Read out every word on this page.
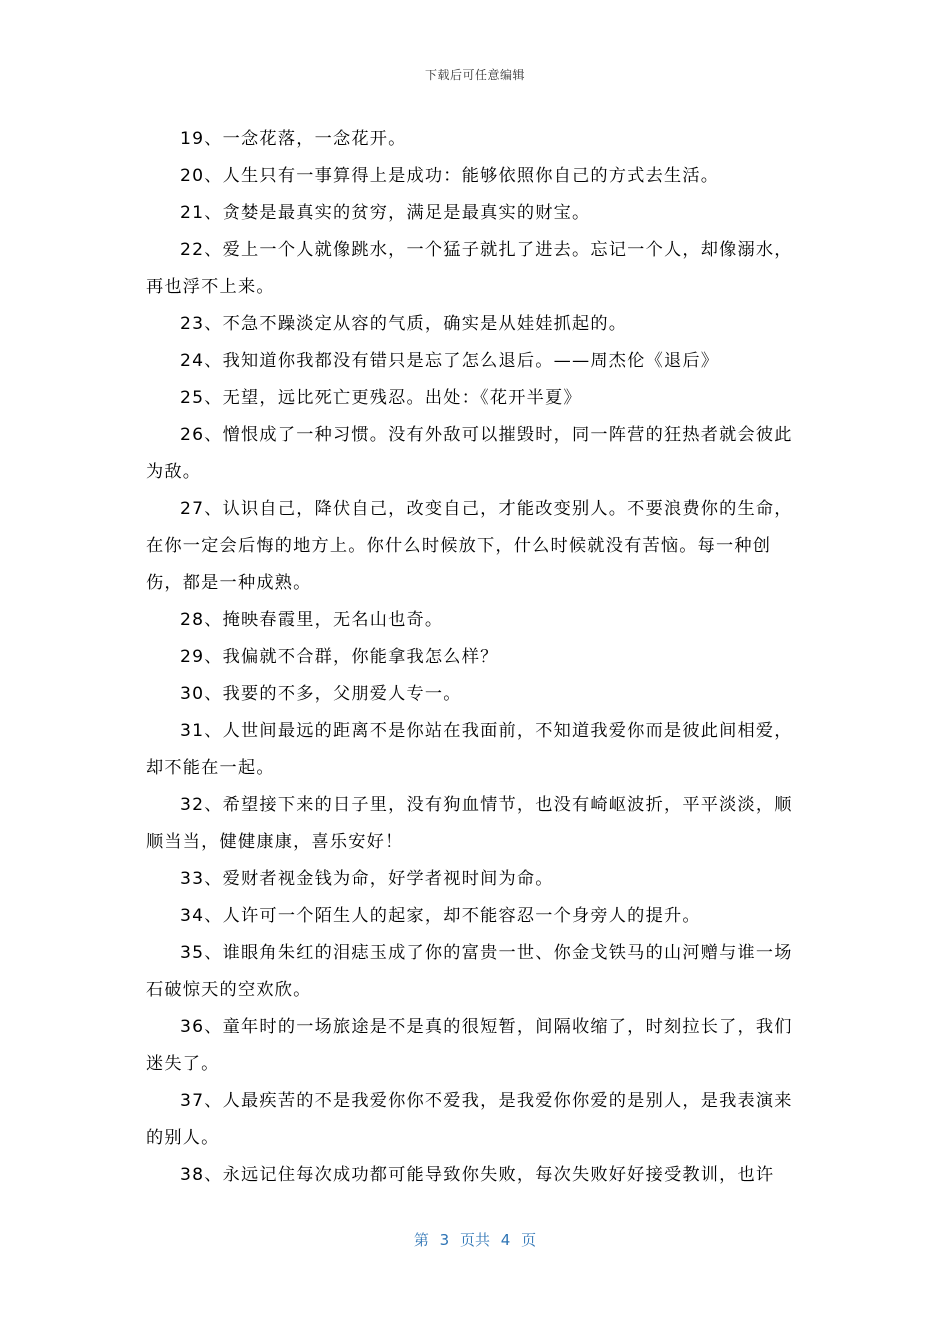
下载后可任意编辑

19、一念花落，一念花开。

20、人生只有一事算得上是成功：能够依照你自己的方式去生活。

21、贪婪是最真实的贫穷，满足是最真实的财宝。

22、爱上一个人就像跳水，一个猛子就扎了进去。忘记一个人，却像溺水，再也浮不上来。

23、不急不躁淡定从容的气质，确实是从娃娃抓起的。

24、我知道你我都没有错只是忘了怎么退后。——周杰伦《退后》

25、无望，远比死亡更残忍。出处：《花开半夏》

26、憎恨成了一种习惯。没有外敌可以摧毁时，同一阵营的狂热者就会彼此为敌。

27、认识自己，降伏自己，改变自己，才能改变别人。不要浪费你的生命，在你一定会后悔的地方上。你什么时候放下，什么时候就没有苦恼。每一种创伤，都是一种成熟。

28、掩映春霞里，无名山也奇。

29、我偏就不合群，你能拿我怎么样？

30、我要的不多，父朋爱人专一。

31、人世间最远的距离不是你站在我面前，不知道我爱你而是彼此间相爱，却不能在一起。

32、希望接下来的日子里，没有狗血情节，也没有崎岖波折，平平淡淡，顺顺当当，健健康康，喜乐安好！

33、爱财者视金钱为命，好学者视时间为命。

34、人许可一个陌生人的起家，却不能容忍一个身旁人的提升。

35、谁眼角朱红的泪痣玉成了你的富贵一世、你金戈铁马的山河赠与谁一场石破惊天的空欢欣。

36、童年时的一场旅途是不是真的很短暂，间隔收缩了，时刻拉长了，我们迷失了。

37、人最疾苦的不是我爱你你不爱我，是我爱你你爱的是别人，是我表演来的别人。

38、永远记住每次成功都可能导致你失败，每次失败好好接受教训，也许

第 3 页共 4 页
